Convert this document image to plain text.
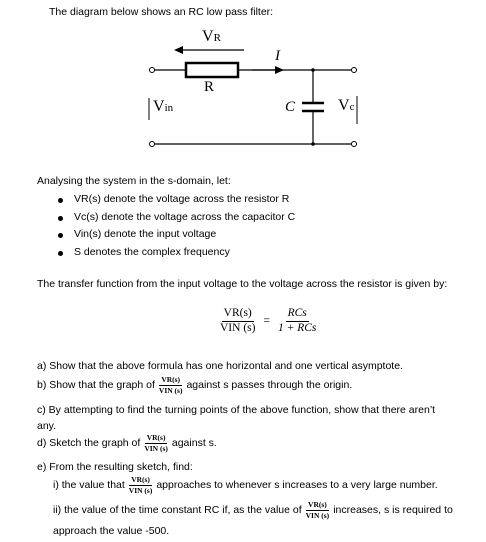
The diagram below shows an RC low pass filter:
VR
R
I
Vin	C	Vc
Analysing the system in the s-domain, let:
VR(s) denote the voltage across the resistor R
Vc(s) denote the voltage across the capacitor C
Vin(s) denote the input voltage
S denotes the complex frequency
The transfer function from the input voltage to the voltage across the resistor is given by:
$\frac{VR(s)}{\text{VIN (s)}} = \frac{\text{RCs}}{\text{1 + RCs}}$
a) Show that the above formula has one horizontal and one vertical asymptote.
b) Show that the graph of $\frac{VR(s)}{\text{VIN (s)}}$ against s passes through the origin.
c) By attempting to find the turning points of the above function, show that there aren’t
any.
d) Sketch the graph of $\frac{VR(s)}{\text{VIN (s)}}$ against s.
e) From the resulting sketch, find:
i) the value that $\frac{VR(s)}{\text{VIN (s)}}$ approaches to whenever s increases to a very large number.
ii) the value of the time constant RC if, as the value of $\frac{VR(s)}{\text{VIN (s)}}$ increases, s is required to
approach the value -500.
